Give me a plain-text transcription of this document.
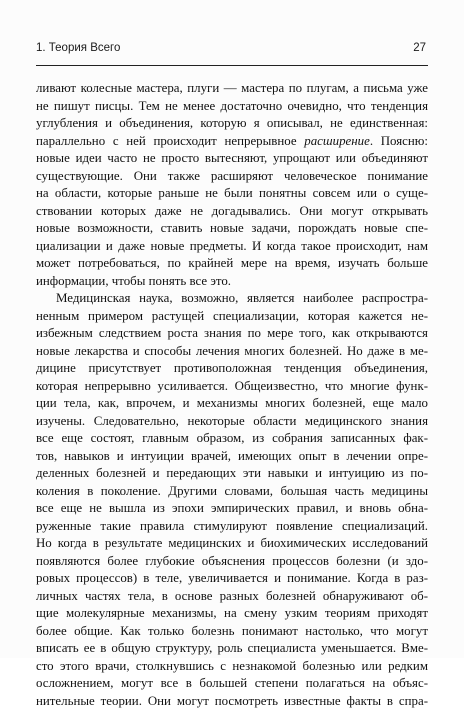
1. Теория Всего	27
ливают колесные мастера, плуги — мастера по плугам, а письма уже
не пишут писцы. Тем не менее достаточно очевидно, что тенденция
углубления и объединения, которую я описывал, не единственная:
параллельно с ней происходит непрерывное расширение. Поясню:
новые идеи часто не просто вытесняют, упрощают или объединяют
существующие. Они также расширяют человеческое понимание
на области, которые раньше не были понятны совсем или о суще-
ствовании которых даже не догадывались. Они могут открывать
новые возможности, ставить новые задачи, порождать новые спе-
циализации и даже новые предметы. И когда такое происходит, нам
может потребоваться, по крайней мере на время, изучать больше
информации, чтобы понять все это.
Медицинская наука, возможно, является наиболее распростра-
ненным примером растущей специализации, которая кажется не-
избежным следствием роста знания по мере того, как открываются
новые лекарства и способы лечения многих болезней. Но даже в ме-
дицине присутствует противоположная тенденция объединения,
которая непрерывно усиливается. Общеизвестно, что многие функ-
ции тела, как, впрочем, и механизмы многих болезней, еще мало
изучены. Следовательно, некоторые области медицинского знания
все еще состоят, главным образом, из собрания записанных фак-
тов, навыков и интуиции врачей, имеющих опыт в лечении опре-
деленных болезней и передающих эти навыки и интуицию из по-
коления в поколение. Другими словами, большая часть медицины
все еще не вышла из эпохи эмпирических правил, и вновь обна-
руженные такие правила стимулируют появление специализаций.
Но когда в результате медицинских и биохимических исследований
появляются более глубокие объяснения процессов болезни (и здо-
ровых процессов) в теле, увеличивается и понимание. Когда в раз-
личных частях тела, в основе разных болезней обнаруживают об-
щие молекулярные механизмы, на смену узким теориям приходят
более общие. Как только болезнь понимают настолько, что могут
вписать ее в общую структуру, роль специалиста уменьшается. Вме-
сто этого врачи, столкнувшись с незнакомой болезнью или редким
осложнением, могут все в большей степени полагаться на объяс-
нительные теории. Они могут посмотреть известные факты в спра-
